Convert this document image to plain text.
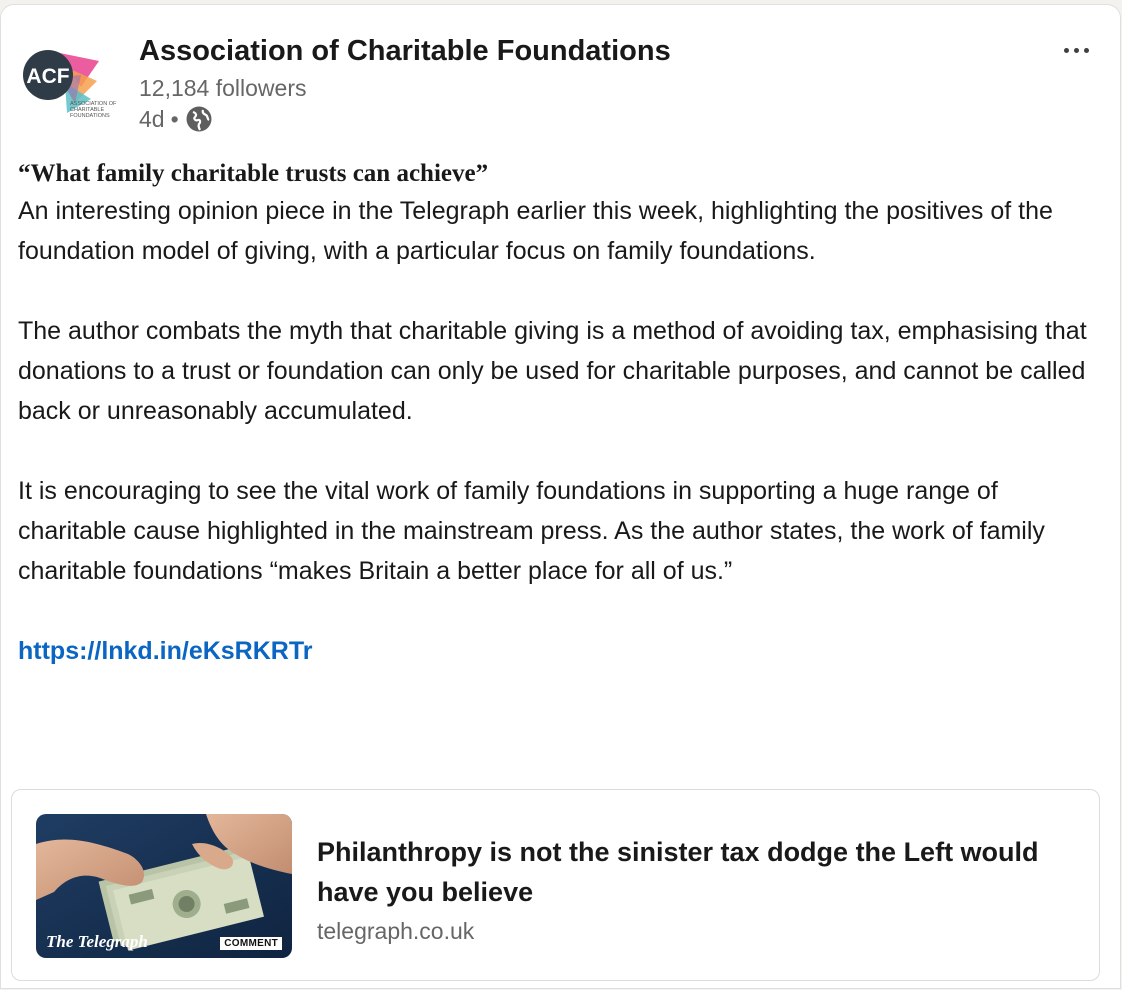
ACF
ASSOCIATION OF
CHARITABLE
FOUNDATIONS
Association of Charitable Foundations
12,184 followers
4d •

“What family charitable trusts can achieve”

An interesting opinion piece in the Telegraph earlier this week, highlighting the positives of the foundation model of giving, with a particular focus on family foundations.

The author combats the myth that charitable giving is a method of avoiding tax, emphasising that donations to a trust or foundation can only be used for charitable purposes, and cannot be called back or unreasonably accumulated.

It is encouraging to see the vital work of family foundations in supporting a huge range of charitable cause highlighted in the mainstream press. As the author states, the work of family charitable foundations “makes Britain a better place for all of us.”

https://lnkd.in/eKsRKRTr
The Telegraph	COMMENT
Philanthropy is not the sinister tax dodge the Left would have you believe
telegraph.co.uk
